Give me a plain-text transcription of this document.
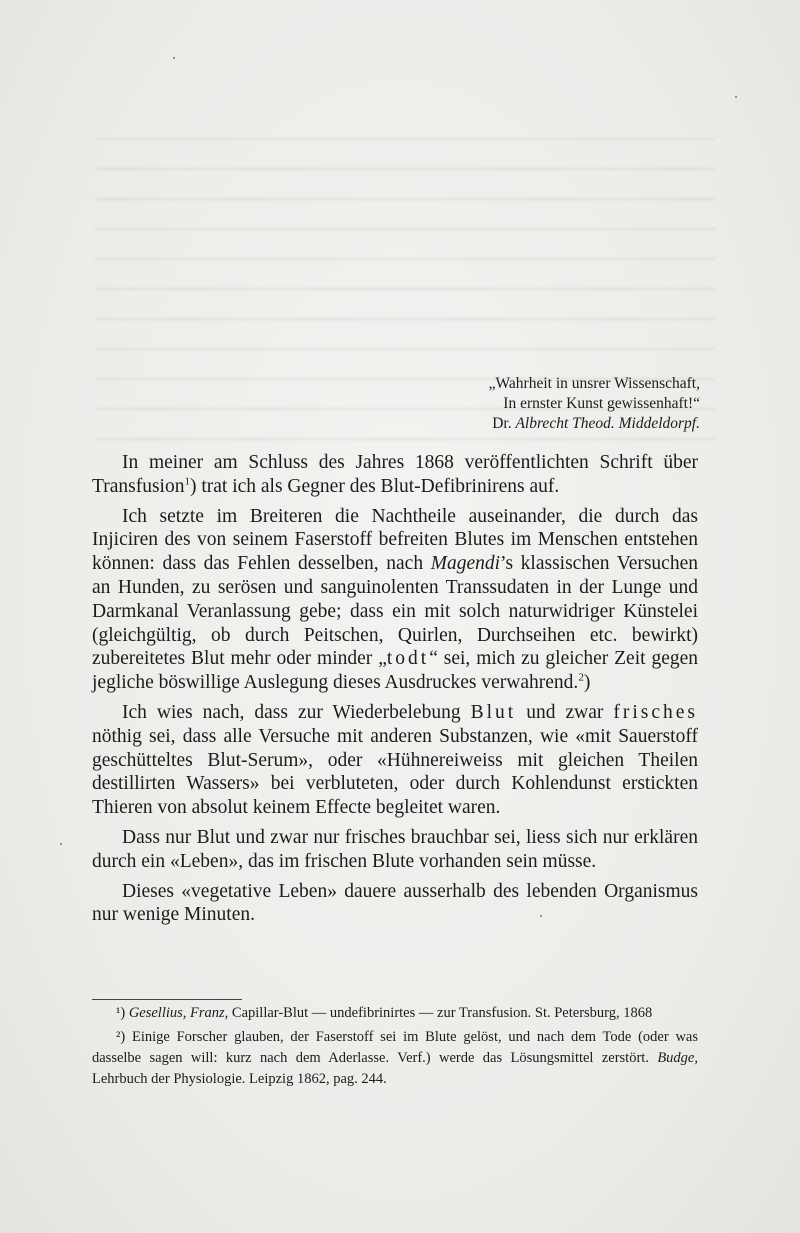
„Wahrheit in unsrer Wissenschaft,
In ernster Kunst gewissenhaft!“
Dr. Albrecht Theod. Middeldorpf.

In meiner am Schluss des Jahres 1868 veröffentlichten Schrift über Transfusion$^1$) trat ich als Gegner des Blut-Defibrinirens auf.

Ich setzte im Breiteren die Nachtheile auseinander, die durch das Injiciren des von seinem Faserstoff befreiten Blutes im Menschen entstehen können: dass das Fehlen desselben, nach Magendi’s klassischen Versuchen an Hunden, zu serösen und sanguinolenten Transsudaten in der Lunge und Darmkanal Veranlassung gebe; dass ein mit solch naturwidriger Künstelei (gleichgültig, ob durch Peitschen, Quirlen, Durchseihen etc. bewirkt) zubereitetes Blut mehr oder minder „todt“ sei, mich zu gleicher Zeit gegen jegliche böswillige Auslegung dieses Ausdruckes verwahrend.$^2$)

Ich wies nach, dass zur Wiederbelebung Blut und zwar frisches nöthig sei, dass alle Versuche mit anderen Substanzen, wie «mit Sauerstoff geschütteltes Blut-Serum», oder «Hühnereiweiss mit gleichen Theilen destillirten Wassers» bei verbluteten, oder durch Kohlendunst erstickten Thieren von absolut keinem Effecte begleitet waren.

Dass nur Blut und zwar nur frisches brauchbar sei, liess sich nur erklären durch ein «Leben», das im frischen Blute vorhanden sein müsse.

Dieses «vegetative Leben» dauere ausserhalb des lebenden Organismus nur wenige Minuten.

¹) Gesellius, Franz, Capillar-Blut — undefibrinirtes — zur Transfusion. St. Petersburg, 1868

²) Einige Forscher glauben, der Faserstoff sei im Blute gelöst, und nach dem Tode (oder was dasselbe sagen will: kurz nach dem Aderlasse. Verf.) werde das Lösungsmittel zerstört. Budge, Lehrbuch der Physiologie. Leipzig 1862, pag. 244.
